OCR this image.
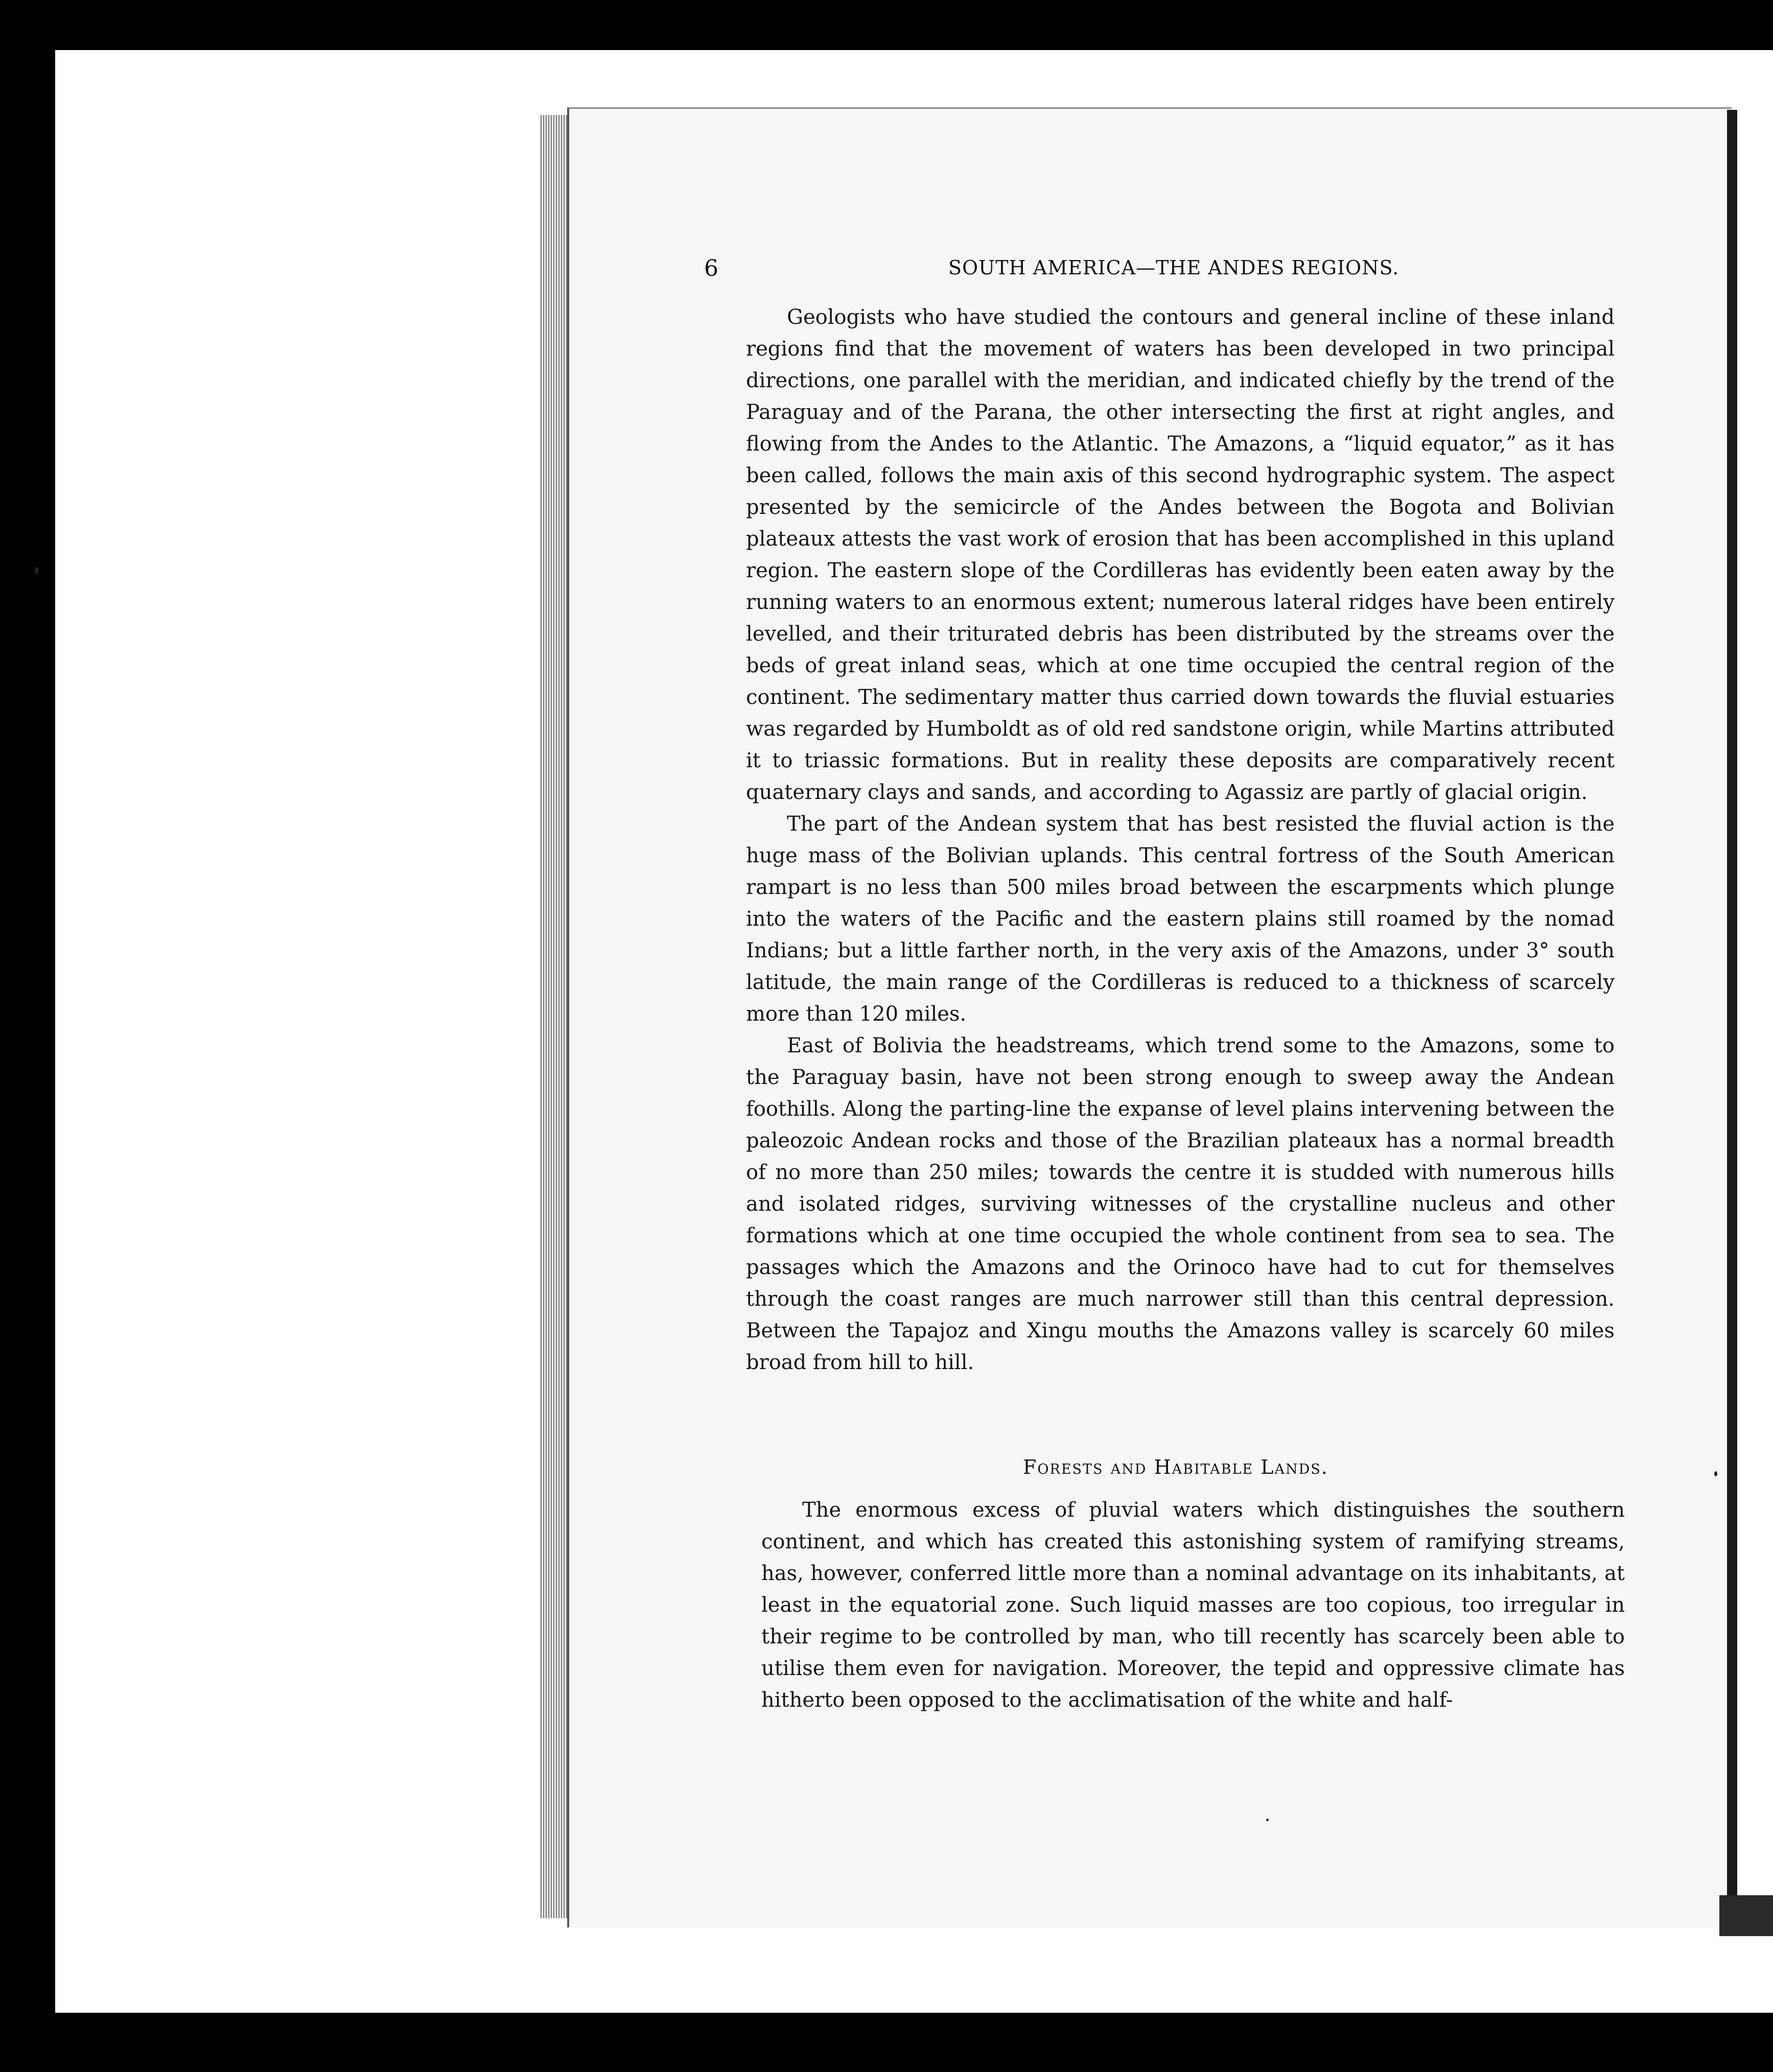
6	SOUTH AMERICA—THE ANDES REGIONS.

Geologists who have studied the contours and general incline of these inland regions find that the movement of waters has been developed in two principal directions, one parallel with the meridian, and indicated chiefly by the trend of the Paraguay and of the Parana, the other intersecting the first at right angles, and flowing from the Andes to the Atlantic. The Amazons, a “liquid equator,” as it has been called, follows the main axis of this second hydrographic system. The aspect presented by the semicircle of the Andes between the Bogota and Bolivian plateaux attests the vast work of erosion that has been accomplished in this upland region. The eastern slope of the Cordilleras has evidently been eaten away by the running waters to an enormous extent; numerous lateral ridges have been entirely levelled, and their triturated debris has been distributed by the streams over the beds of great inland seas, which at one time occupied the central region of the continent. The sedimentary matter thus carried down towards the fluvial estuaries was regarded by Humboldt as of old red sandstone origin, while Martins attributed it to triassic formations. But in reality these deposits are comparatively recent quaternary clays and sands, and according to Agassiz are partly of glacial origin.

The part of the Andean system that has best resisted the fluvial action is the huge mass of the Bolivian uplands. This central fortress of the South American rampart is no less than 500 miles broad between the escarpments which plunge into the waters of the Pacific and the eastern plains still roamed by the nomad Indians; but a little farther north, in the very axis of the Amazons, under 3° south latitude, the main range of the Cordilleras is reduced to a thickness of scarcely more than 120 miles.

East of Bolivia the headstreams, which trend some to the Amazons, some to the Paraguay basin, have not been strong enough to sweep away the Andean foothills. Along the parting-line the expanse of level plains intervening between the paleozoic Andean rocks and those of the Brazilian plateaux has a normal breadth of no more than 250 miles; towards the centre it is studded with numerous hills and isolated ridges, surviving witnesses of the crystalline nucleus and other formations which at one time occupied the whole continent from sea to sea. The passages which the Amazons and the Orinoco have had to cut for themselves through the coast ranges are much narrower still than this central depression. Between the Tapajoz and Xingu mouths the Amazons valley is scarcely 60 miles broad from hill to hill.

Forests and Habitable Lands.

The enormous excess of pluvial waters which distinguishes the southern continent, and which has created this astonishing system of ramifying streams, has, however, conferred little more than a nominal advantage on its inhabitants, at least in the equatorial zone. Such liquid masses are too copious, too irregular in their regime to be controlled by man, who till recently has scarcely been able to utilise them even for navigation. Moreover, the tepid and oppressive climate has hitherto been opposed to the acclimatisation of the white and half-
